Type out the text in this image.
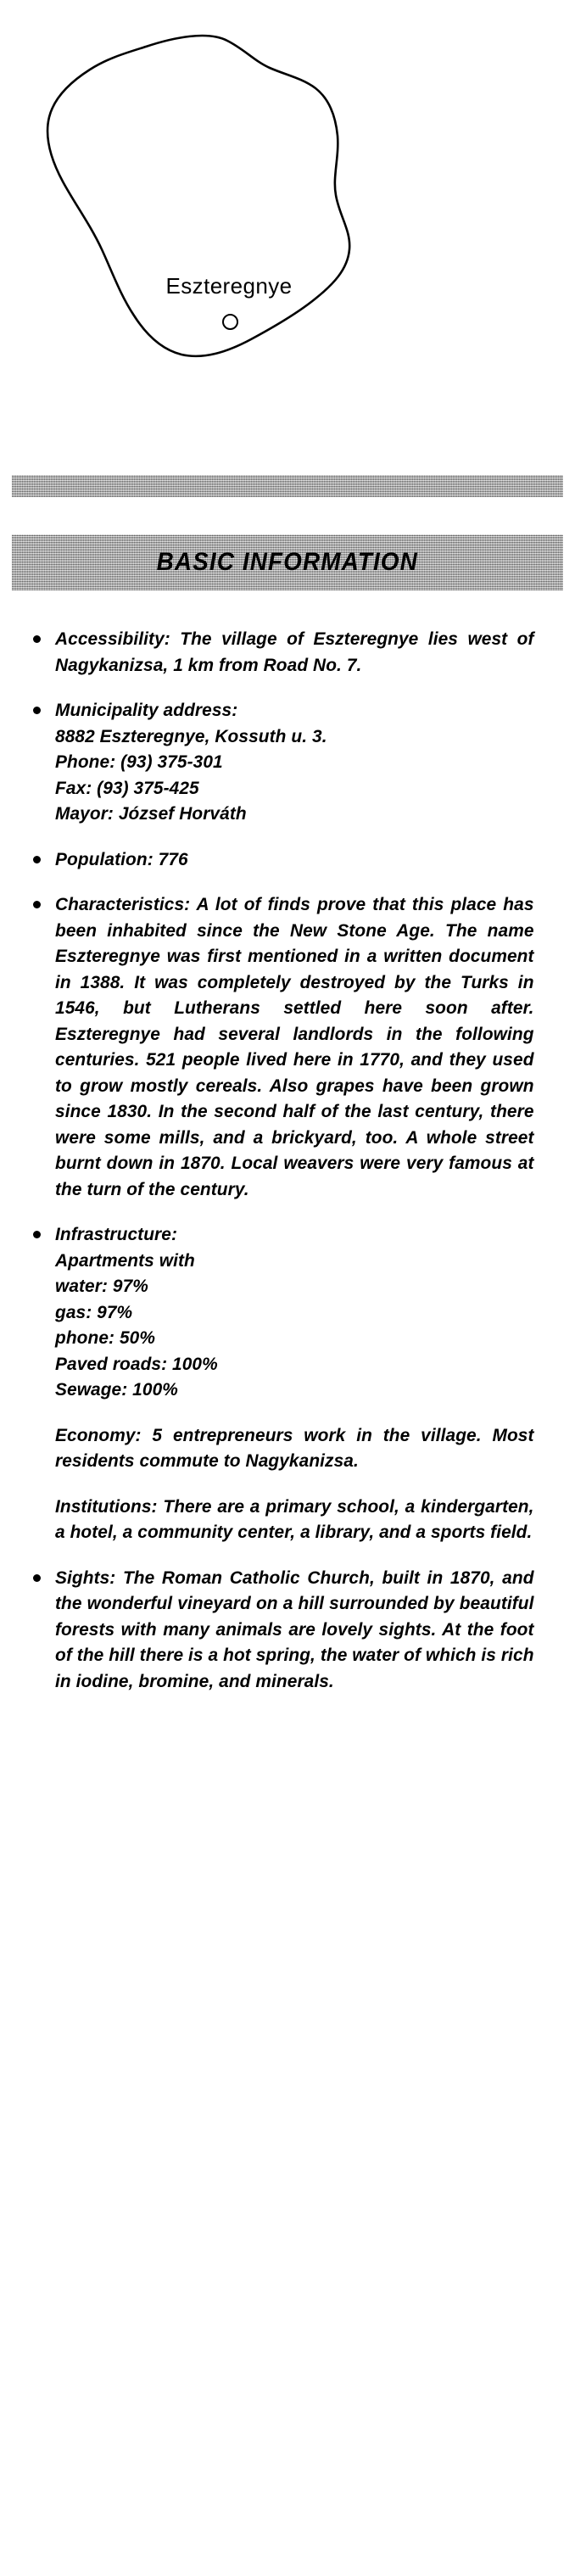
Eszteregnye
BASIC INFORMATION

Accessibility: The village of Eszteregnye lies west of Nagykanizsa, 1 km from Road No. 7.

Municipality address:
8882 Eszteregnye, Kossuth u. 3.
Phone: (93) 375-301
Fax: (93) 375-425
Mayor: József Horváth

Population: 776

Characteristics: A lot of finds prove that this place has been inhabited since the New Stone Age. The name Eszteregnye was first mentioned in a written document in 1388. It was completely destroyed by the Turks in 1546, but Lutherans settled here soon after. Eszteregnye had several landlords in the following centuries. 521 people lived here in 1770, and they used to grow mostly cereals. Also grapes have been grown since 1830. In the second half of the last century, there were some mills, and a brickyard, too. A whole street burnt down in 1870. Local weavers were very famous at the turn of the century.

Infrastructure:
Apartments with
water: 97%
gas: 97%
phone: 50%
Paved roads: 100%
Sewage: 100%

Economy: 5 entrepreneurs work in the village. Most residents commute to Nagykanizsa.

Institutions: There are a primary school, a kindergarten, a hotel, a community center, a library, and a sports field.

Sights: The Roman Catholic Church, built in 1870, and the wonderful vineyard on a hill surrounded by beautiful forests with many animals are lovely sights. At the foot of the hill there is a hot spring, the water of which is rich in iodine, bromine, and minerals.
